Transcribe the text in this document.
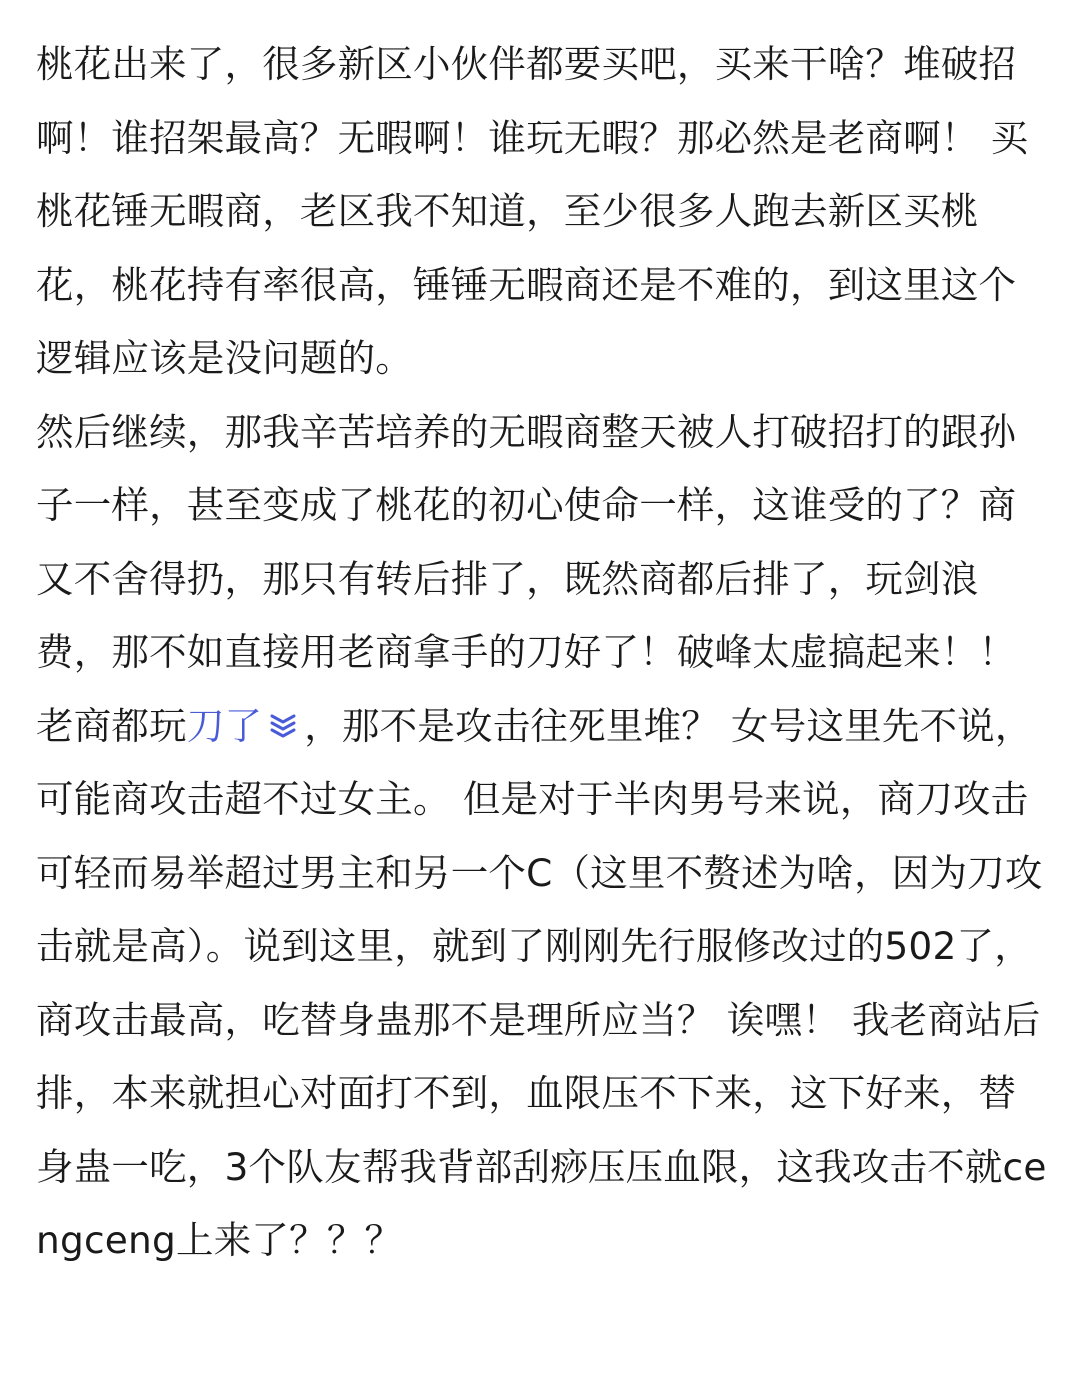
桃花出来了，很多新区小伙伴都要买吧，买来干啥？堆破招啊！谁招架最高？无暇啊！谁玩无暇？那必然是老商啊！ 买桃花锤无暇商，老区我不知道，至少很多人跑去新区买桃花，桃花持有率很高，锤锤无暇商还是不难的，到这里这个逻辑应该是没问题的。

然后继续，那我辛苦培养的无暇商整天被人打破招打的跟孙子一样，甚至变成了桃花的初心使命一样，这谁受的了？商又不舍得扔，那只有转后排了，既然商都后排了，玩剑浪费，那不如直接用老商拿手的刀好了！破峰太虚搞起来！！ 老商都玩刀了 ，那不是攻击往死里堆？ 女号这里先不说，可能商攻击超不过女主。 但是对于半肉男号来说，商刀攻击可轻而易举超过男主和另一个C（这里不赘述为啥，因为刀攻击就是高）。说到这里，就到了刚刚先行服修改过的502了，商攻击最高，吃替身蛊那不是理所应当？ 诶嘿！ 我老商站后排，本来就担心对面打不到，血限压不下来，这下好来，替身蛊一吃，3个队友帮我背部刮痧压压血限，这我攻击不就cengceng上来了？？？
